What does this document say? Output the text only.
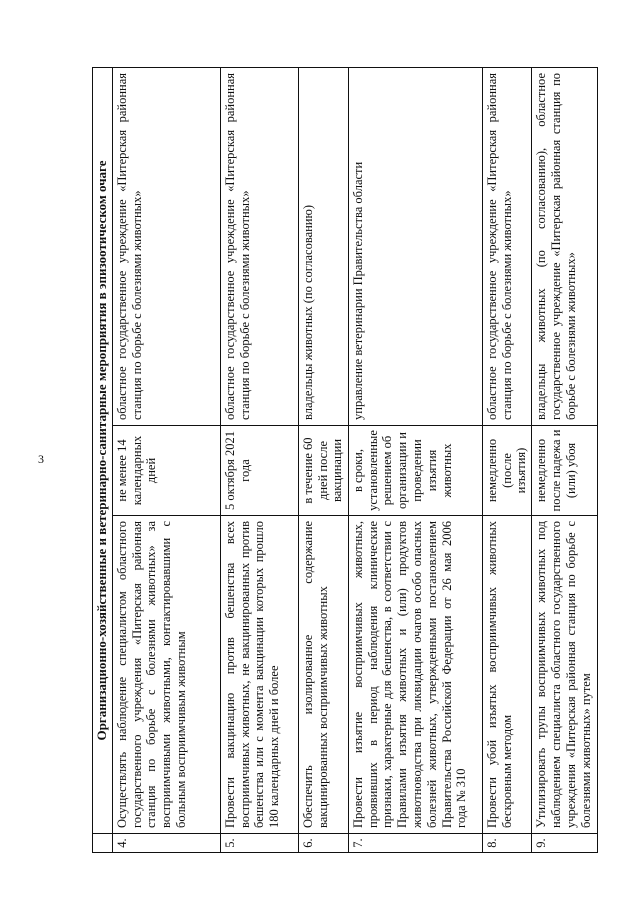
3
		Организационно-хозяйственные и ветеринарно-санитарные мероприятия в эпизоотическом очаге		
4.	Осуществлять наблюдение специалистом областного государственного учреждения «Питерская районная станция по борьбе с болезнями животных» за восприимчивыми животными, контактировавшими с больным восприимчивым животным	не менее 14 календарных дней	областное государственное учреждение «Питерская районная станция по борьбе с болезнями животных»
5.	Провести вакцинацию против бешенства всех восприимчивых животных, не вакцинированных против бешенства или с момента вакцинации которых прошло 180 календарных дней и более	5 октября 2021 года	областное государственное учреждение «Питерская районная станция по борьбе с болезнями животных»
6.	Обеспечить изолированное содержание вакцинированных восприимчивых животных	в течение 60 дней после вакцинации	владельцы животных (по согласованию)
7.	Провести изъятие восприимчивых животных, проявивших в период наблюдения клинические признаки, характерные для бешенства, в соответствии с Правилами изъятия животных и (или) продуктов животноводства при ликвидации очагов особо опасных болезней животных, утвержденными постановлением Правительства Российской Федерации от 26 мая 2006 года № 310	в сроки, установленные решением об организации и проведении изъятия животных	управление ветеринарии Правительства области
8.	Провести убой изъятых восприимчивых животных бескровным методом	немедленно (после изъятия)	областное государственное учреждение «Питерская районная станция по борьбе с болезнями животных»
9.	Утилизировать трупы восприимчивых животных под наблюдением специалиста областного государственного учреждения «Питерская районная станция по борьбе с болезнями животных» путем	немедленно после падежа и (или) убоя	владельцы животных (по согласованию), областное государственное учреждение «Питерская районная станция по борьбе с болезнями животных»
